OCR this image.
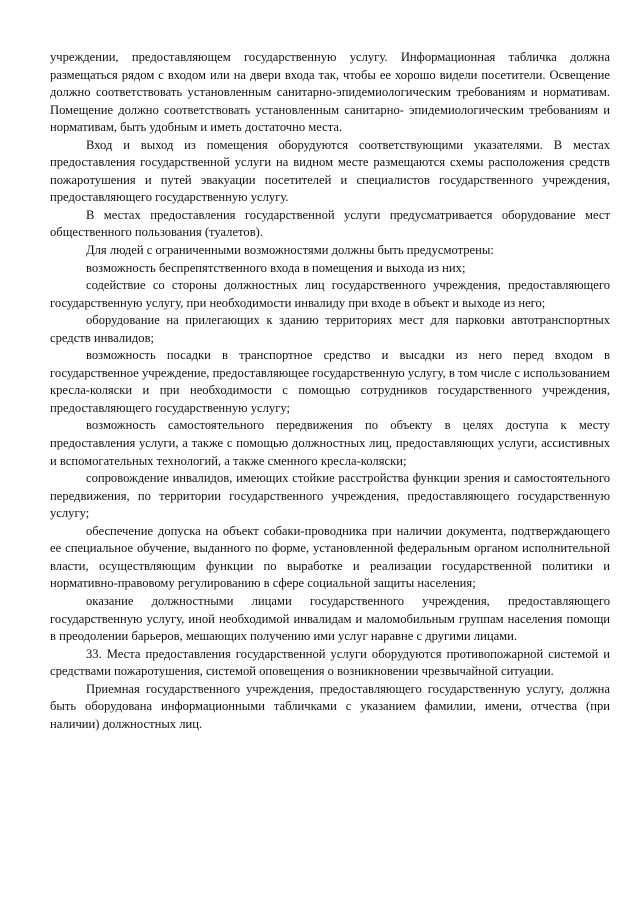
учреждении, предоставляющем государственную услугу. Информационная табличка должна размещаться рядом с входом или на двери входа так, чтобы ее хорошо видели посетители. Освещение должно соответствовать установленным санитарно-эпидемиологическим требованиям и нормативам. Помещение должно соответствовать установленным санитарно- эпидемиологическим требованиям и нормативам, быть удобным и иметь достаточно места.

Вход и выход из помещения оборудуются соответствующими указателями. В местах предоставления государственной услуги на видном месте размещаются схемы расположения средств пожаротушения и путей эвакуации посетителей и специалистов государственного учреждения, предоставляющего государственную услугу.

В местах предоставления государственной услуги предусматривается оборудование мест общественного пользования (туалетов).

Для людей с ограниченными возможностями должны быть предусмотрены:

возможность беспрепятственного входа в помещения и выхода из них;

содействие со стороны должностных лиц государственного учреждения, предоставляющего государственную услугу, при необходимости инвалиду при входе в объект и выходе из него;

оборудование на прилегающих к зданию территориях мест для парковки автотранспортных средств инвалидов;

возможность посадки в транспортное средство и высадки из него перед входом в государственное учреждение, предоставляющее государственную услугу, в том числе с использованием кресла-коляски и при необходимости с помощью сотрудников государственного учреждения, предоставляющего государственную услугу;

возможность самостоятельного передвижения по объекту в целях доступа к месту предоставления услуги, а также с помощью должностных лиц, предоставляющих услуги, ассистивных и вспомогательных технологий, а также сменного кресла-коляски;

сопровождение инвалидов, имеющих стойкие расстройства функции зрения и самостоятельного передвижения, по территории государственного учреждения, предоставляющего государственную услугу;

обеспечение допуска на объект собаки-проводника при наличии документа, подтверждающего ее специальное обучение, выданного по форме, установленной федеральным органом исполнительной власти, осуществляющим функции по выработке и реализации государственной политики и нормативно-правовому регулированию в сфере социальной защиты населения;

оказание должностными лицами государственного учреждения, предоставляющего государственную услугу, иной необходимой инвалидам и маломобильным группам населения помощи в преодолении барьеров, мешающих получению ими услуг наравне с другими лицами.

33. Места предоставления государственной услуги оборудуются противопожарной системой и средствами пожаротушения, системой оповещения о возникновении чрезвычайной ситуации.

Приемная государственного учреждения, предоставляющего государственную услугу, должна быть оборудована информационными табличками с указанием фамилии, имени, отчества (при наличии) должностных лиц.
